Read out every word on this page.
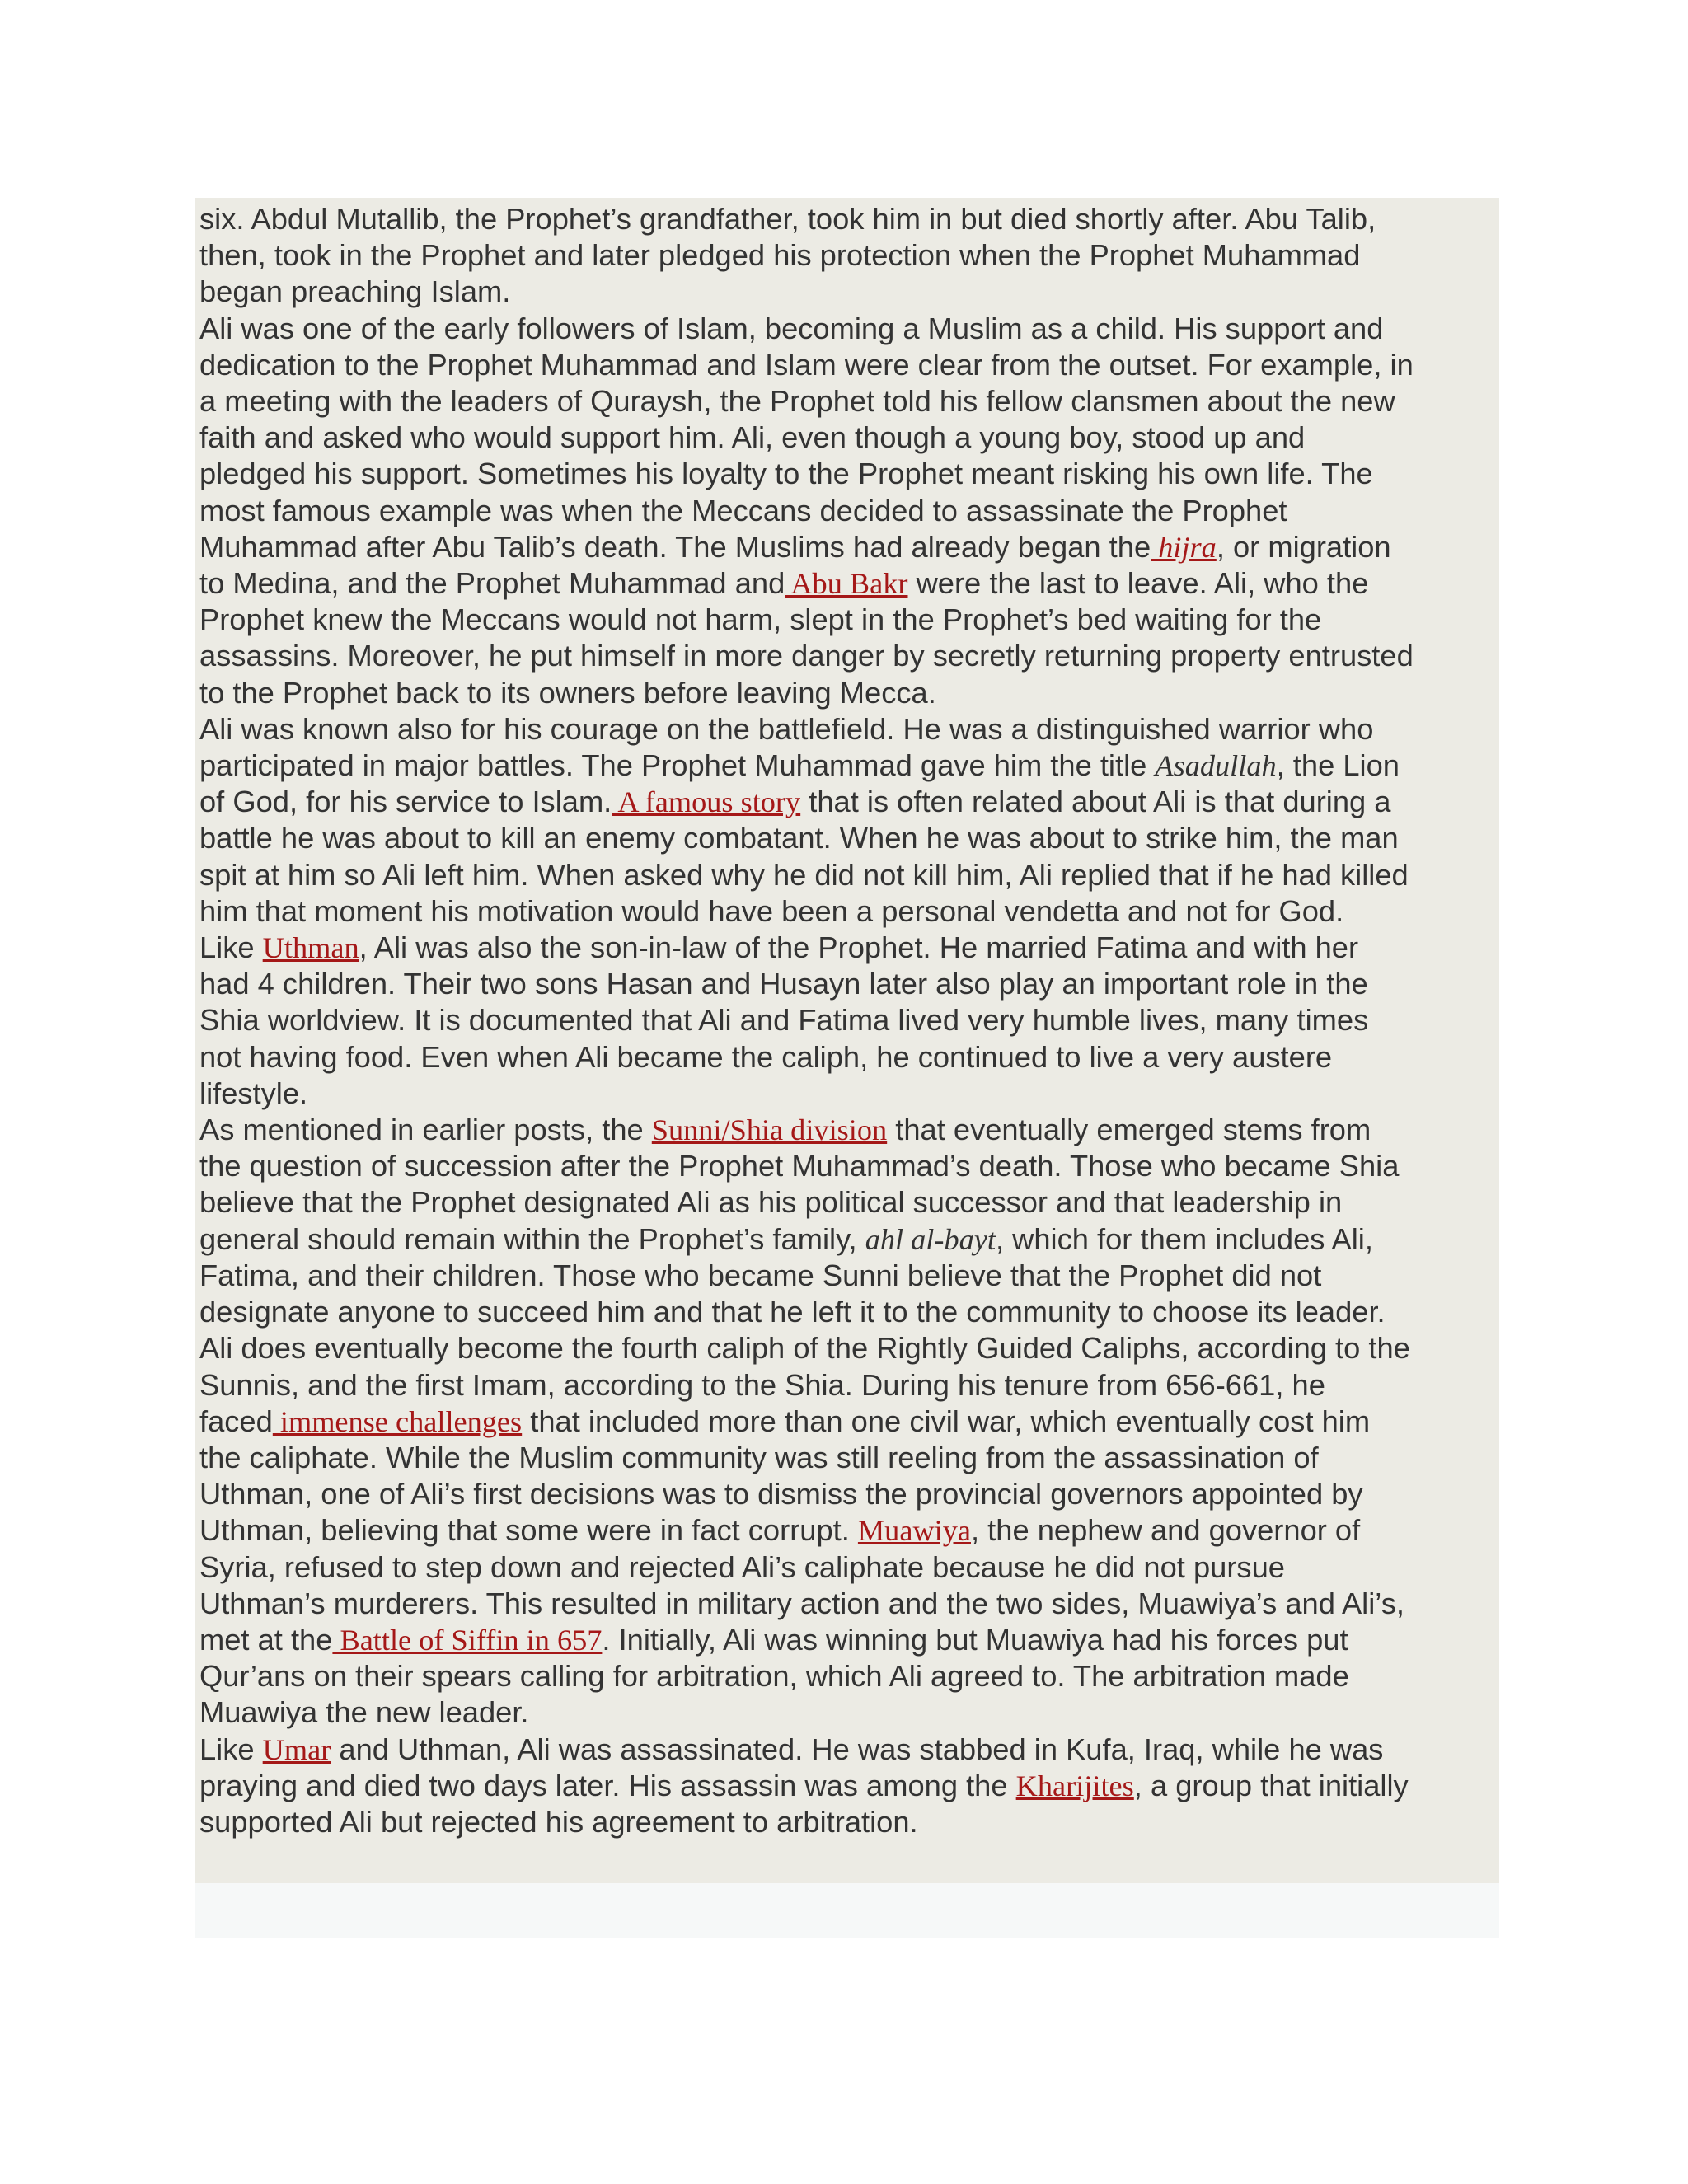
six. Abdul Mutallib, the Prophet’s grandfather, took him in but died shortly after. Abu Talib,
then, took in the Prophet and later pledged his protection when the Prophet Muhammad
began preaching Islam.

Ali was one of the early followers of Islam, becoming a Muslim as a child. His support and
dedication to the Prophet Muhammad and Islam were clear from the outset. For example, in
a meeting with the leaders of Quraysh, the Prophet told his fellow clansmen about the new
faith and asked who would support him. Ali, even though a young boy, stood up and
pledged his support. Sometimes his loyalty to the Prophet meant risking his own life. The
most famous example was when the Meccans decided to assassinate the Prophet
Muhammad after Abu Talib’s death. The Muslims had already began the hijra, or migration
to Medina, and the Prophet Muhammad and Abu Bakr were the last to leave. Ali, who the
Prophet knew the Meccans would not harm, slept in the Prophet’s bed waiting for the
assassins. Moreover, he put himself in more danger by secretly returning property entrusted
to the Prophet back to its owners before leaving Mecca.

Ali was known also for his courage on the battlefield. He was a distinguished warrior who
participated in major battles. The Prophet Muhammad gave him the title Asadullah, the Lion
of God, for his service to Islam. A famous story that is often related about Ali is that during a
battle he was about to kill an enemy combatant. When he was about to strike him, the man
spit at him so Ali left him. When asked why he did not kill him, Ali replied that if he had killed
him that moment his motivation would have been a personal vendetta and not for God.

Like Uthman, Ali was also the son-in-law of the Prophet. He married Fatima and with her
had 4 children. Their two sons Hasan and Husayn later also play an important role in the
Shia worldview. It is documented that Ali and Fatima lived very humble lives, many times
not having food. Even when Ali became the caliph, he continued to live a very austere
lifestyle.

As mentioned in earlier posts, the Sunni/Shia division that eventually emerged stems from
the question of succession after the Prophet Muhammad’s death. Those who became Shia
believe that the Prophet designated Ali as his political successor and that leadership in
general should remain within the Prophet’s family, ahl al-bayt, which for them includes Ali,
Fatima, and their children. Those who became Sunni believe that the Prophet did not
designate anyone to succeed him and that he left it to the community to choose its leader.
Ali does eventually become the fourth caliph of the Rightly Guided Caliphs, according to the
Sunnis, and the first Imam, according to the Shia. During his tenure from 656-661, he
faced immense challenges that included more than one civil war, which eventually cost him
the caliphate. While the Muslim community was still reeling from the assassination of
Uthman, one of Ali’s first decisions was to dismiss the provincial governors appointed by
Uthman, believing that some were in fact corrupt. Muawiya, the nephew and governor of
Syria, refused to step down and rejected Ali’s caliphate because he did not pursue
Uthman’s murderers. This resulted in military action and the two sides, Muawiya’s and Ali’s,
met at the Battle of Siffin in 657. Initially, Ali was winning but Muawiya had his forces put
Qur’ans on their spears calling for arbitration, which Ali agreed to. The arbitration made
Muawiya the new leader.

Like Umar and Uthman, Ali was assassinated. He was stabbed in Kufa, Iraq, while he was
praying and died two days later. His assassin was among the Kharijites, a group that initially
supported Ali but rejected his agreement to arbitration.
